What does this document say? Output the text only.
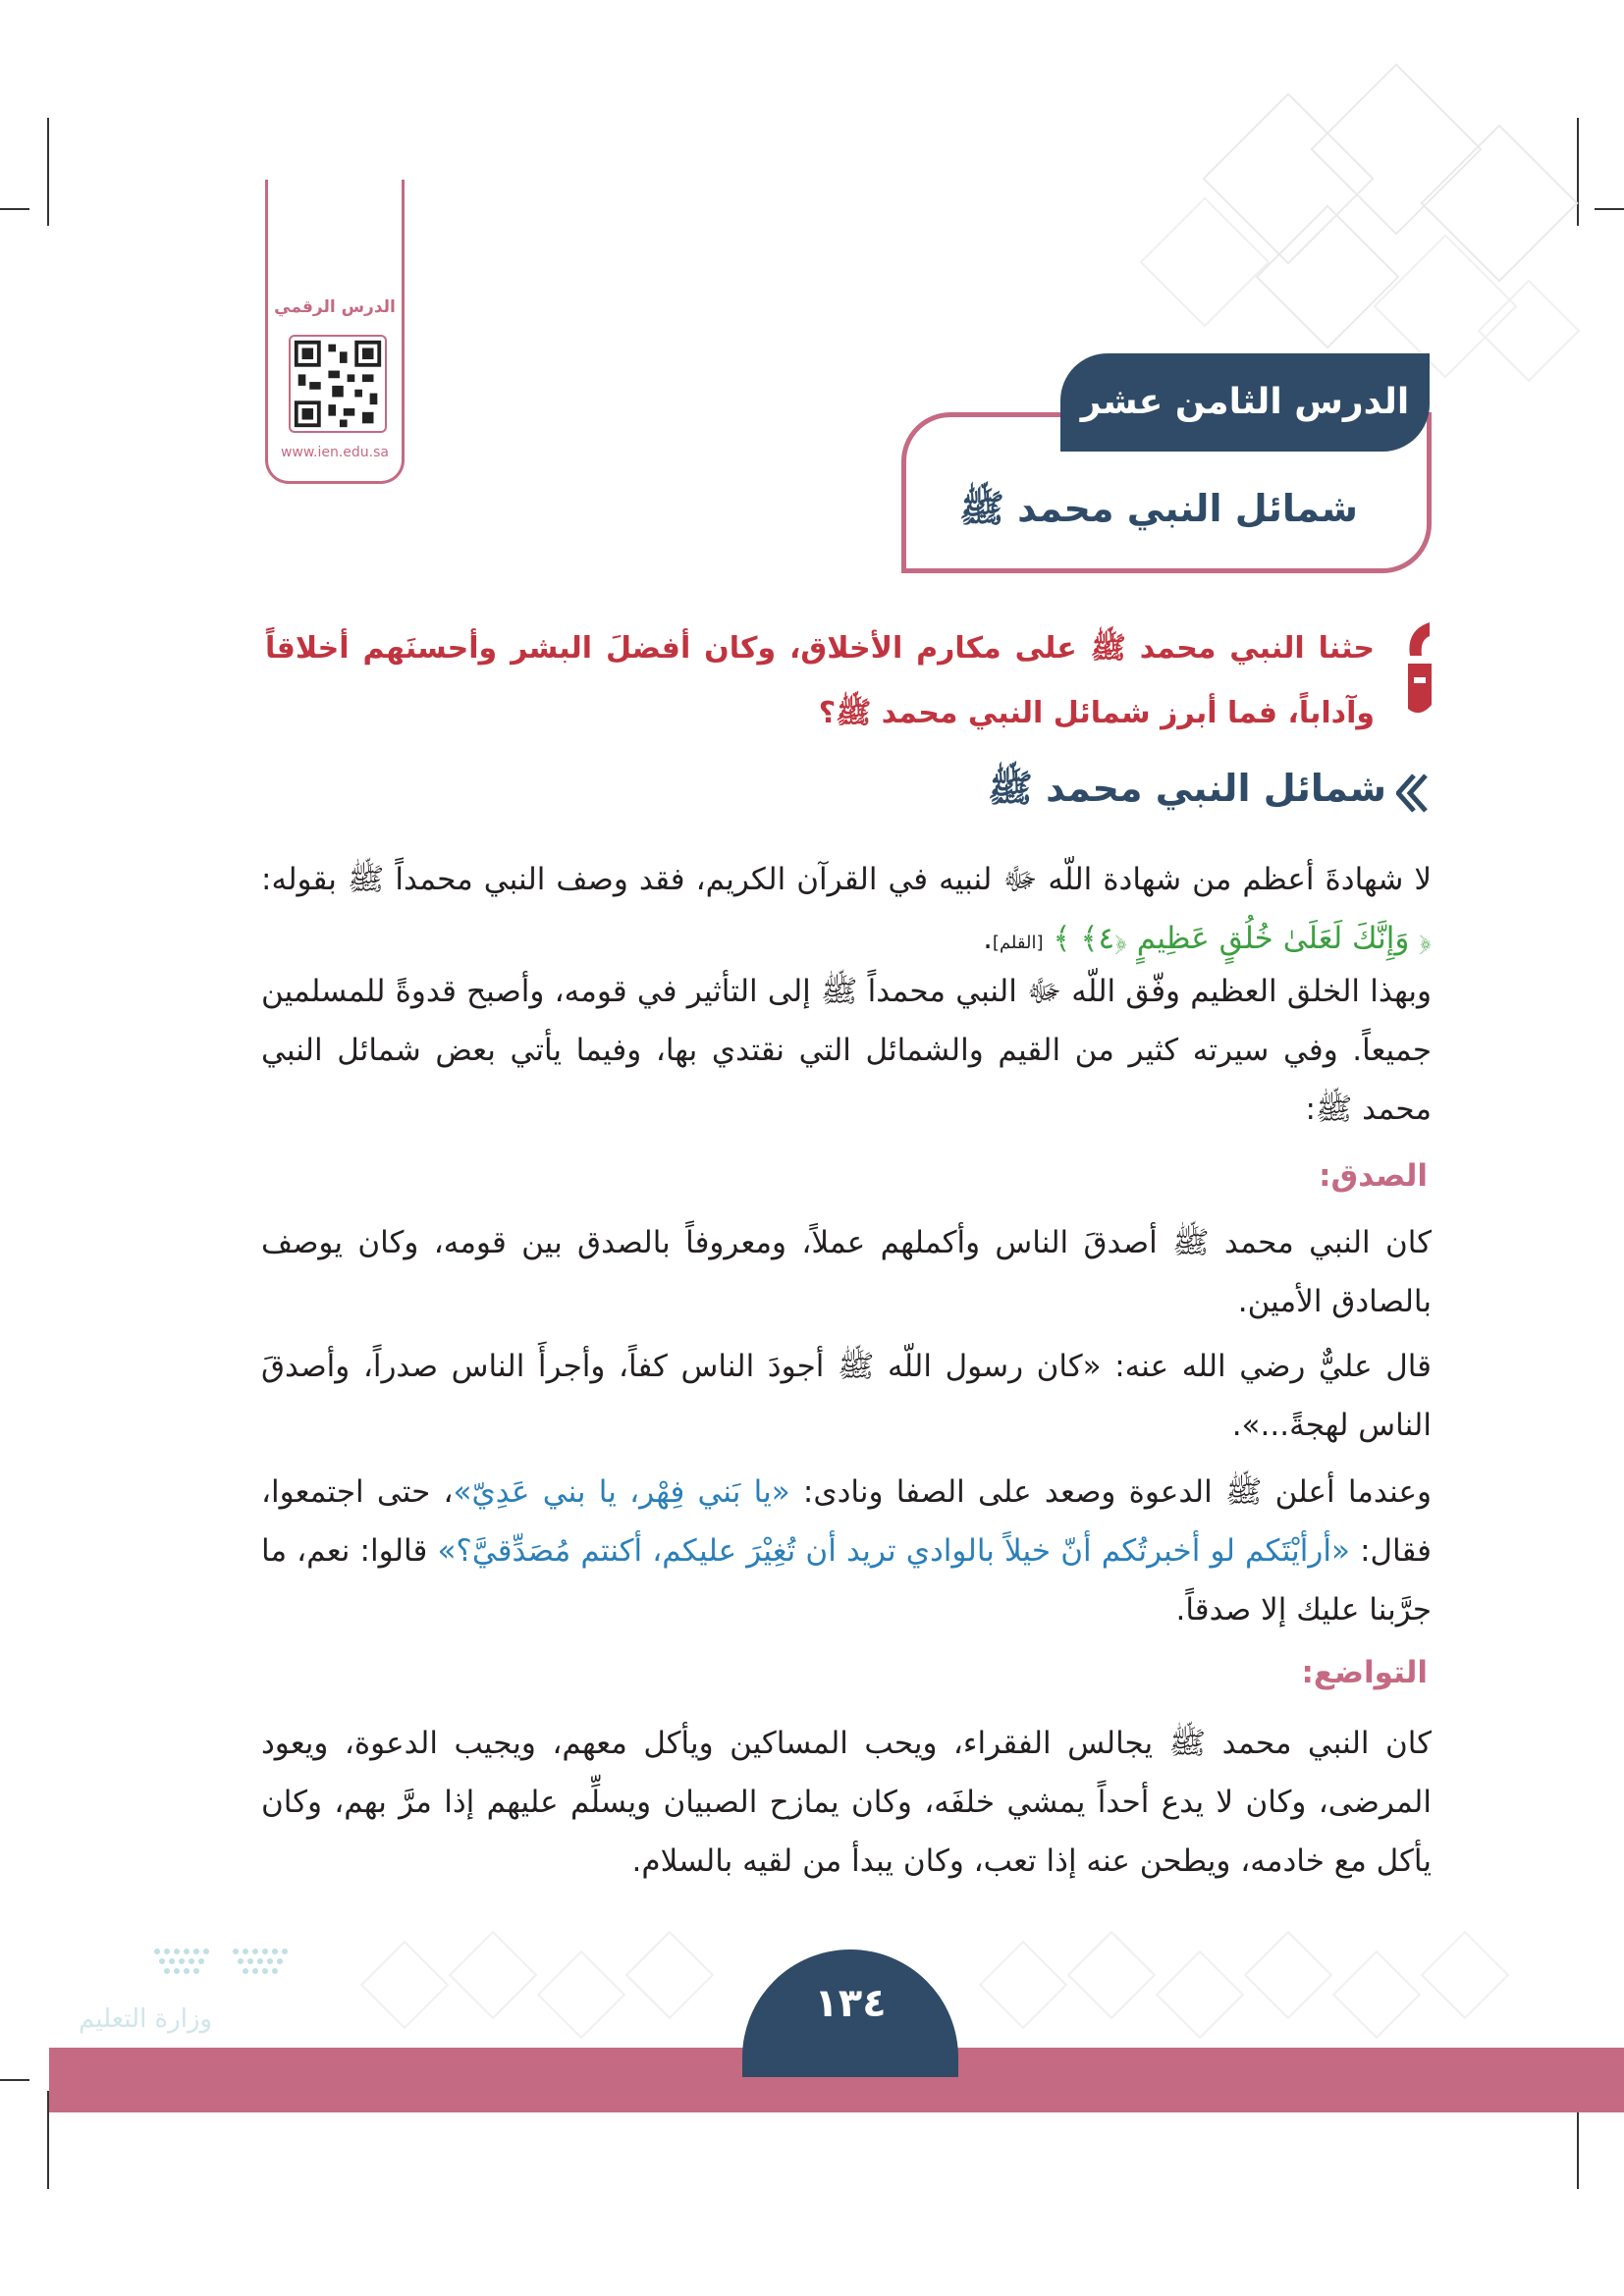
الدرس الرقمي
www.ien.edu.sa
شمائل النبي محمد ﷺ
الدرس الثامن عشر
حثنا النبي محمد ﷺ على مكارم الأخلاق، وكان أفضلَ البشر وأحسنَهم أخلاقاً وآداباً، فما أبرز شمائل النبي محمد ﷺ؟
شمائل النبي محمد ﷺ
لا شهادةَ أعظم من شهادة اللّه ﷻ لنبيه في القرآن الكريم، فقد وصف النبي محمداً ﷺ بقوله: ﴿ وَإِنَّكَ لَعَلَىٰ خُلُقٍ عَظِيمٍ ﴿٤﴾ ﴾ [القلم].
وبهذا الخلق العظيم وفّق اللّه ﷻ النبي محمداً ﷺ إلى التأثير في قومه، وأصبح قدوةً للمسلمين جميعاً. وفي سيرته كثير من القيم والشمائل التي نقتدي بها، وفيما يأتي بعض شمائل النبي محمد ﷺ:
الصدق:
كان النبي محمد ﷺ أصدقَ الناس وأكملهم عملاً، ومعروفاً بالصدق بين قومه، وكان يوصف بالصادق الأمين.
قال عليٌّ رضي الله عنه: «كان رسول اللّه ﷺ أجودَ الناس كفاً، وأجرأَ الناس صدراً، وأصدقَ الناس لهجةً...».
وعندما أعلن ﷺ الدعوة وصعد على الصفا ونادى: «يا بَني فِهْر، يا بني عَدِيّ»، حتى اجتمعوا، فقال: «أرأيْتَكم لو أخبرتُكم أنّ خيلاً بالوادي تريد أن تُغِيْرَ عليكم، أكنتم مُصَدِّقيَّ؟» قالوا: نعم، ما جرَّبنا عليك إلا صدقاً.
التواضع:
كان النبي محمد ﷺ يجالس الفقراء، ويحب المساكين ويأكل معهم، ويجيب الدعوة، ويعود المرضى، وكان لا يدع أحداً يمشي خلفَه، وكان يمازح الصبيان ويسلِّم عليهم إذا مرَّ بهم، وكان يأكل مع خادمه، ويطحن عنه إذا تعب، وكان يبدأ من لقيه بالسلام.
١٣٤
وزارة التعليم
